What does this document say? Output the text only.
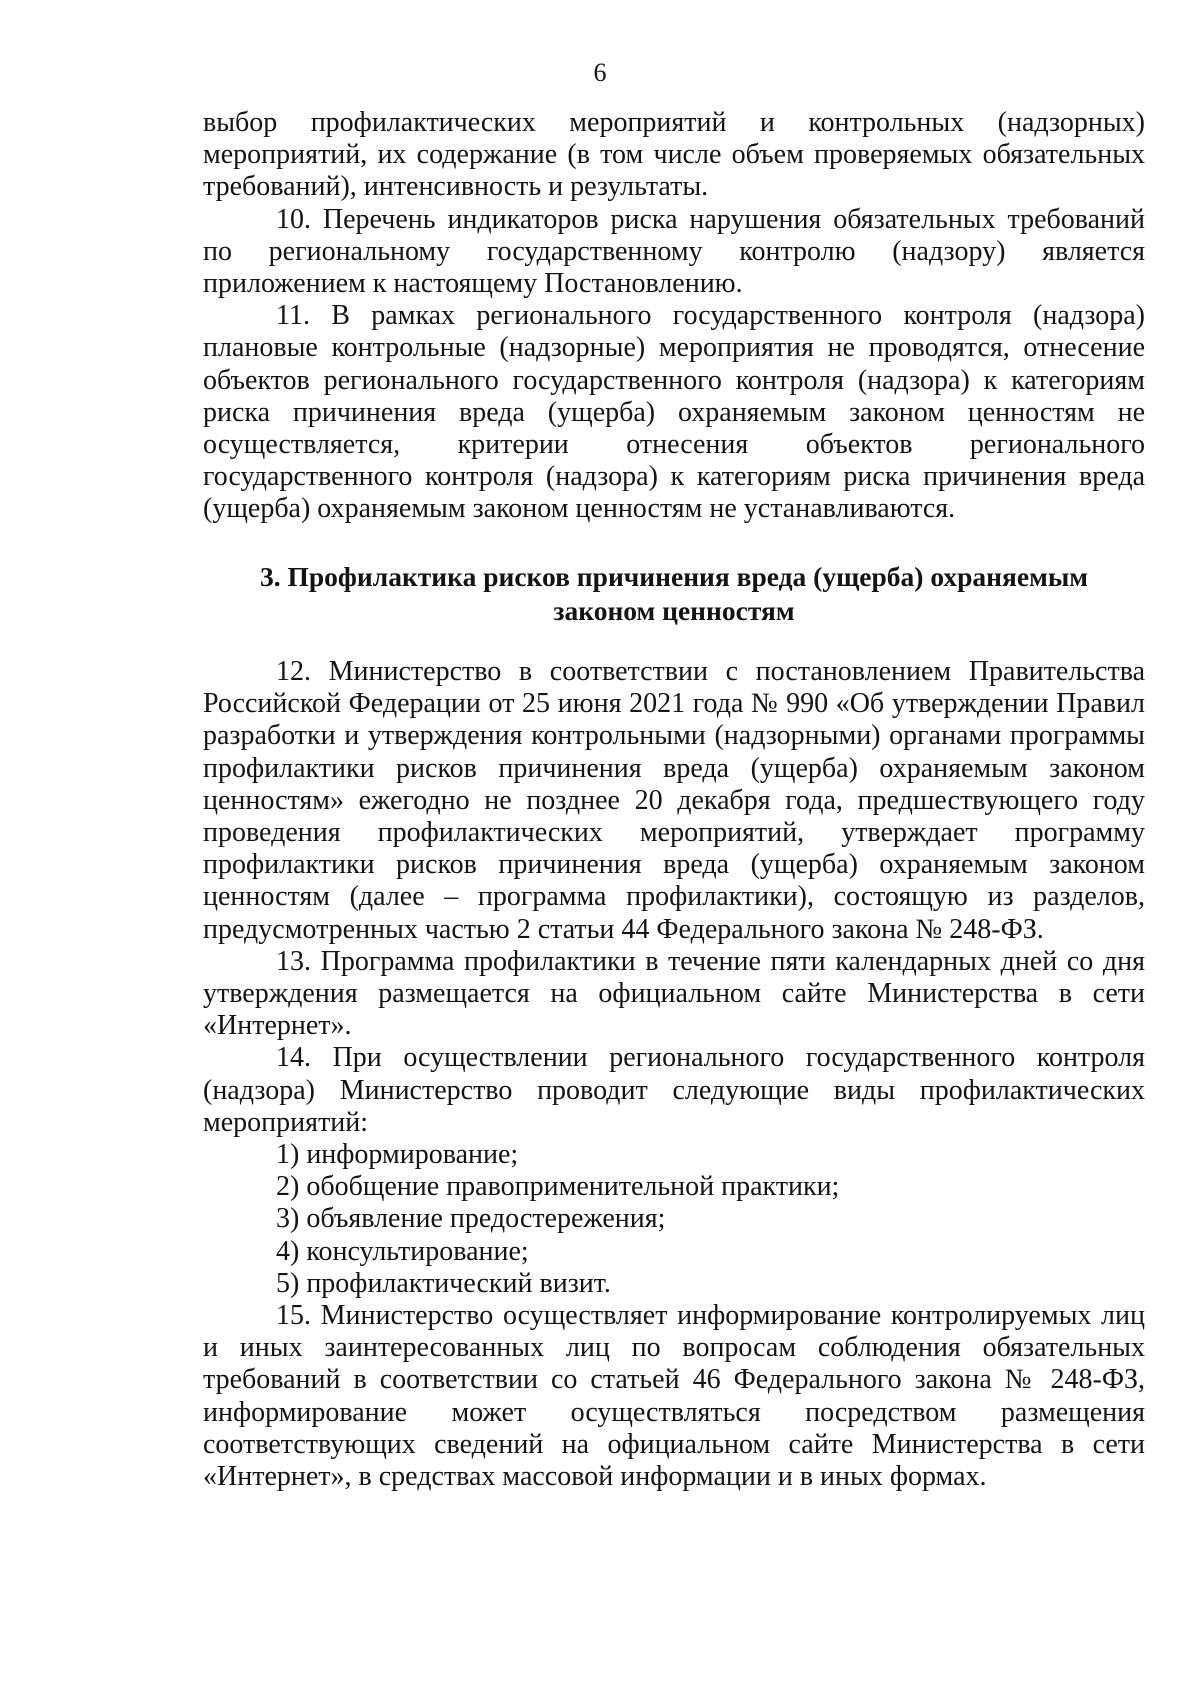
6

выбор профилактических мероприятий и контрольных (надзорных) мероприятий, их содержание (в том числе объем проверяемых обязательных требований), интенсивность и результаты.

10. Перечень индикаторов риска нарушения обязательных требований по региональному государственному контролю (надзору) является приложением к настоящему Постановлению.

11. В рамках регионального государственного контроля (надзора) плановые контрольные (надзорные) мероприятия не проводятся, отнесение объектов регионального государственного контроля (надзора) к категориям риска причинения вреда (ущерба) охраняемым законом ценностям не осуществляется, критерии отнесения объектов регионального государственного контроля (надзора) к категориям риска причинения вреда (ущерба) охраняемым законом ценностям не устанавливаются.

3. Профилактика рисков причинения вреда (ущерба) охраняемым
законом ценностям

12. Министерство в соответствии с постановлением Правительства Российской Федерации от 25 июня 2021 года № 990 «Об утверждении Правил разработки и утверждения контрольными (надзорными) органами программы профилактики рисков причинения вреда (ущерба) охраняемым законом ценностям» ежегодно не позднее 20 декабря года, предшествующего году проведения профилактических мероприятий, утверждает программу профилактики рисков причинения вреда (ущерба) охраняемым законом ценностям (далее – программа профилактики), состоящую из разделов, предусмотренных частью 2 статьи 44 Федерального закона № 248-ФЗ.

13. Программа профилактики в течение пяти календарных дней со дня утверждения размещается на официальном сайте Министерства в сети «Интернет».

14. При осуществлении регионального государственного контроля (надзора) Министерство проводит следующие виды профилактических мероприятий:

1) информирование;

2) обобщение правоприменительной практики;

3) объявление предостережения;

4) консультирование;

5) профилактический визит.

15. Министерство осуществляет информирование контролируемых лиц и иных заинтересованных лиц по вопросам соблюдения обязательных требований в соответствии со статьей 46 Федерального закона № 248-ФЗ, информирование может осуществляться посредством размещения соответствующих сведений на официальном сайте Министерства в сети «Интернет», в средствах массовой информации и в иных формах.
